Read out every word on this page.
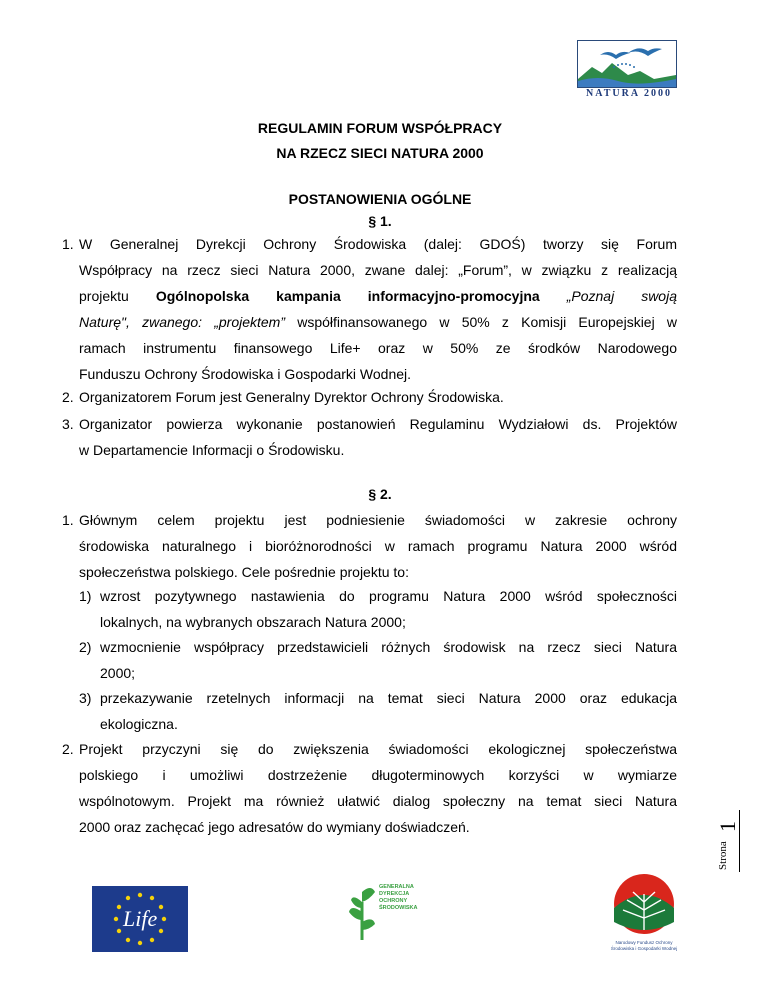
NATURA 2000
REGULAMIN FORUM WSPÓŁPRACY
NA RZECZ SIECI NATURA 2000
POSTANOWIENIA OGÓLNE
§ 1.
1. W Generalnej Dyrekcji Ochrony Środowiska (dalej: GDOŚ) tworzy się Forum
Współpracy na rzecz sieci Natura 2000, zwane dalej: „Forum”, w związku z realizacją
projektu Ogólnopolska kampania informacyjno-promocyjna „Poznaj swoją
Naturę", zwanego: „projektem” współfinansowanego w 50% z Komisji Europejskiej w
ramach instrumentu finansowego Life+ oraz w 50% ze środków Narodowego
Funduszu Ochrony Środowiska i Gospodarki Wodnej.
2. Organizatorem Forum jest Generalny Dyrektor Ochrony Środowiska.
3. Organizator powierza wykonanie postanowień Regulaminu Wydziałowi ds. Projektów
w Departamencie Informacji o Środowisku.
§ 2.
1. Głównym celem projektu jest podniesienie świadomości w zakresie ochrony
środowiska naturalnego i bioróżnorodności w ramach programu Natura 2000 wśród
społeczeństwa polskiego. Cele pośrednie projektu to:
1) wzrost pozytywnego nastawienia do programu Natura 2000 wśród społeczności
lokalnych, na wybranych obszarach Natura 2000;
2) wzmocnienie współpracy przedstawicieli różnych środowisk na rzecz sieci Natura
2000;
3) przekazywanie rzetelnych informacji na temat sieci Natura 2000 oraz edukacja
ekologiczna.
2. Projekt przyczyni się do zwiększenia świadomości ekologicznej społeczeństwa
polskiego i umożliwi dostrzeżenie długoterminowych korzyści w wymiarze
wspólnotowym. Projekt ma również ułatwić dialog społeczny na temat sieci Natura
2000 oraz zachęcać jego adresatów do wymiany doświadczeń.
Strona
1
Life
GENERALNA
DYREKCJA
OCHRONY
ŚRODOWISKA
Narodowy Fundusz Ochrony
Środowiska i Gospodarki Wodnej
